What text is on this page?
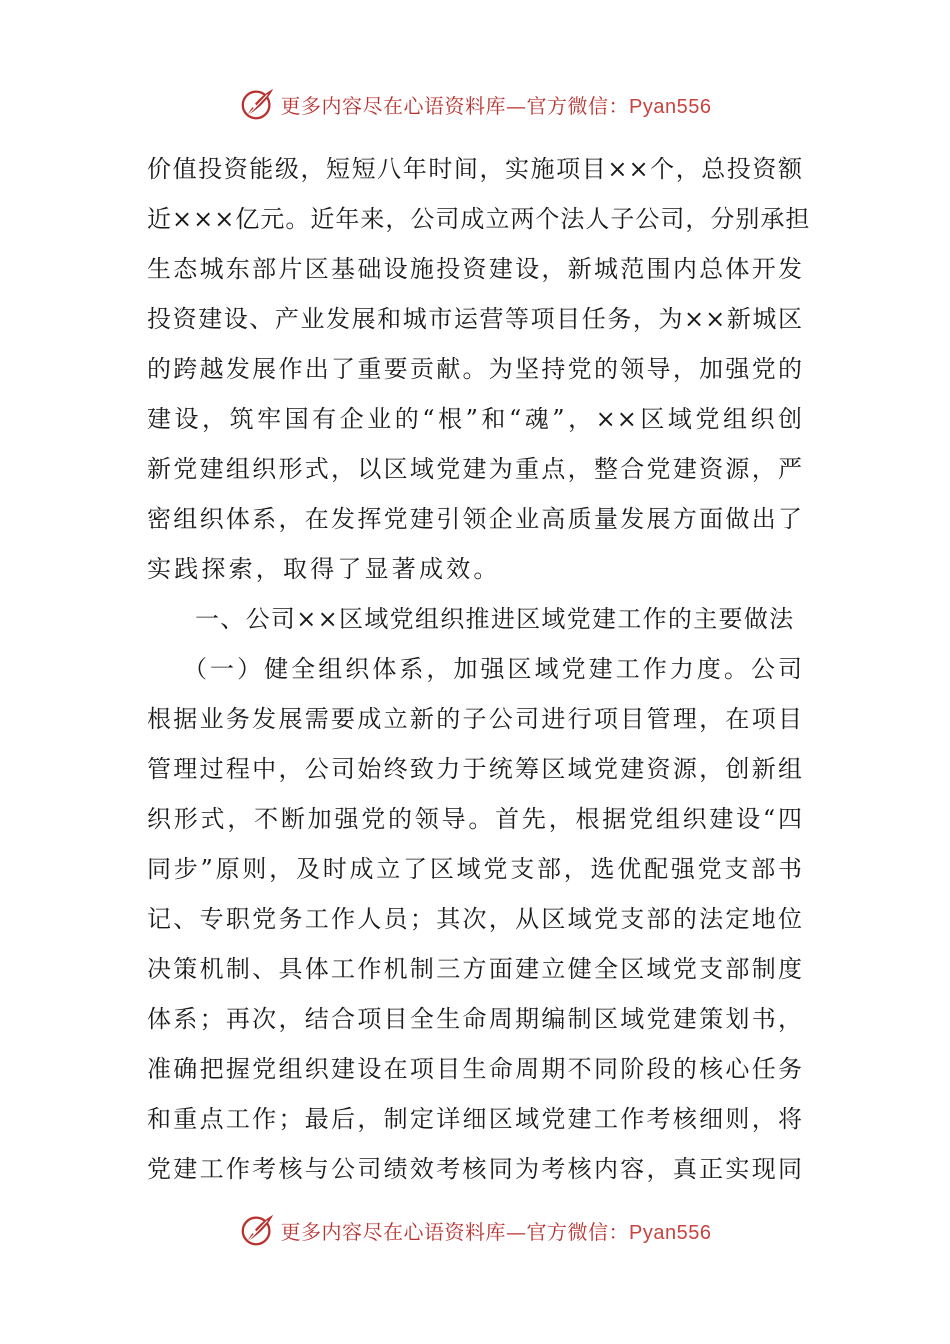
更多内容尽在心语资料库—官方微信：Pyan556
价值投资能级，短短八年时间，实施项目××个，总投资额
近×××亿元。近年来，公司成立两个法人子公司，分别承担
生态城东部片区基础设施投资建设，新城范围内总体开发
投资建设、产业发展和城市运营等项目任务，为××新城区
的跨越发展作出了重要贡献。为坚持党的领导，加强党的
建设，筑牢国有企业的“根”和“魂”，××区域党组织创
新党建组织形式，以区域党建为重点，整合党建资源，严
密组织体系，在发挥党建引领企业高质量发展方面做出了
实践探索，取得了显著成效。
一、公司××区域党组织推进区域党建工作的主要做法
（一）健全组织体系，加强区域党建工作力度。公司
根据业务发展需要成立新的子公司进行项目管理，在项目
管理过程中，公司始终致力于统筹区域党建资源，创新组
织形式，不断加强党的领导。首先，根据党组织建设“四
同步”原则，及时成立了区域党支部，选优配强党支部书
记、专职党务工作人员；其次，从区域党支部的法定地位
决策机制、具体工作机制三方面建立健全区域党支部制度
体系；再次，结合项目全生命周期编制区域党建策划书，
准确把握党组织建设在项目生命周期不同阶段的核心任务
和重点工作；最后，制定详细区域党建工作考核细则，将
党建工作考核与公司绩效考核同为考核内容，真正实现同
更多内容尽在心语资料库—官方微信：Pyan556
